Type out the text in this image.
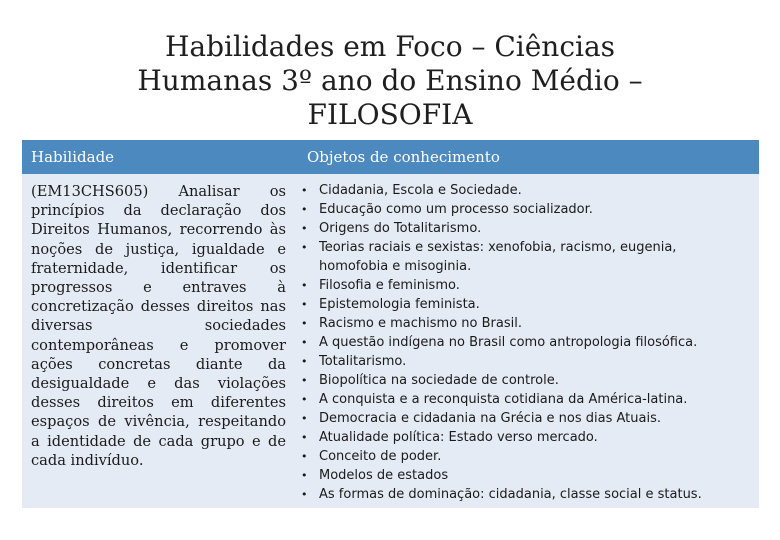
Habilidades em Foco – Ciências
Humanas 3º ano do Ensino Médio –
FILOSOFIA
Habilidade	Objetos de conhecimento
(EM13CHS605) Analisar os princípios da declaração dos Direitos Humanos, recorrendo às noções de justiça, igualdade e fraternidade, identificar os progressos e entraves à concretização desses direitos nas diversas sociedades contemporâneas e promover ações concretas diante da desigualdade e das violações desses direitos em diferentes espaços de vivência, respeitando a identidade de cada grupo e de cada indivíduo.
• Cidadania, Escola e Sociedade.
• Educação como um processo socializador.
• Origens do Totalitarismo.
• Teorias raciais e sexistas: xenofobia, racismo, eugenia, homofobia e misoginia.
• Filosofia e feminismo.
• Epistemologia feminista.
• Racismo e machismo no Brasil.
• A questão indígena no Brasil como antropologia filosófica.
• Totalitarismo.
• Biopolítica na sociedade de controle.
• A conquista e a reconquista cotidiana da América-latina.
• Democracia e cidadania na Grécia e nos dias Atuais.
• Atualidade política: Estado verso mercado.
• Conceito de poder.
• Modelos de estados
• As formas de dominação: cidadania, classe social e status.
